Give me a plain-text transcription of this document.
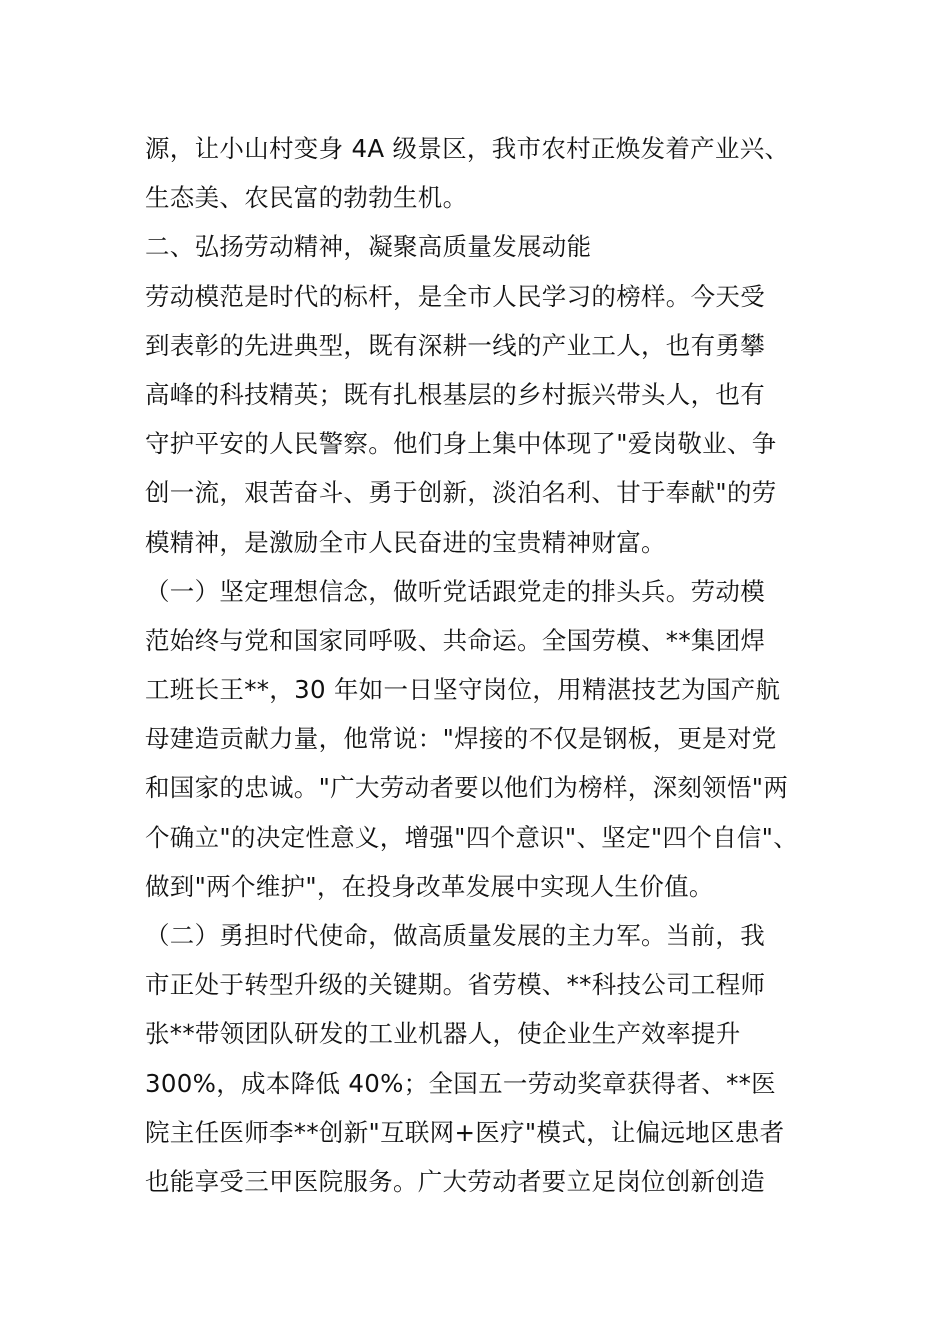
源，让小山村变身 4A 级景区，我市农村正焕发着产业兴、
生态美、农民富的勃勃生机。
二、弘扬劳动精神，凝聚高质量发展动能
劳动模范是时代的标杆，是全市人民学习的榜样。今天受
到表彰的先进典型，既有深耕一线的产业工人，也有勇攀
高峰的科技精英；既有扎根基层的乡村振兴带头人，也有
守护平安的人民警察。他们身上集中体现了"爱岗敬业、争
创一流，艰苦奋斗、勇于创新，淡泊名利、甘于奉献"的劳
模精神，是激励全市人民奋进的宝贵精神财富。
（一）坚定理想信念，做听党话跟党走的排头兵。劳动模
范始终与党和国家同呼吸、共命运。全国劳模、**集团焊
工班长王**，30 年如一日坚守岗位，用精湛技艺为国产航
母建造贡献力量，他常说："焊接的不仅是钢板，更是对党
和国家的忠诚。"广大劳动者要以他们为榜样，深刻领悟"两
个确立"的决定性意义，增强"四个意识"、坚定"四个自信"、
做到"两个维护"，在投身改革发展中实现人生价值。
（二）勇担时代使命，做高质量发展的主力军。当前，我
市正处于转型升级的关键期。省劳模、**科技公司工程师
张**带领团队研发的工业机器人，使企业生产效率提升
300%，成本降低 40%；全国五一劳动奖章获得者、**医
院主任医师李**创新"互联网+医疗"模式，让偏远地区患者
也能享受三甲医院服务。广大劳动者要立足岗位创新创造
